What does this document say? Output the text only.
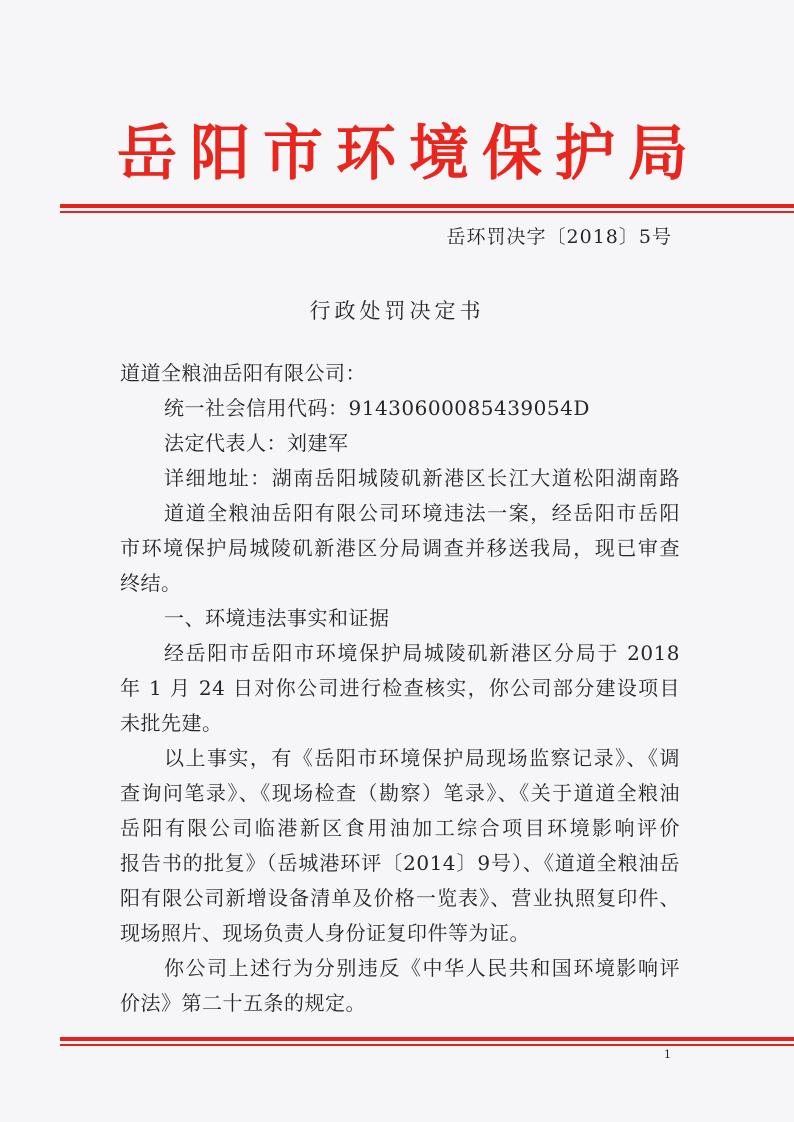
岳阳市环境保护局
岳环罚决字〔2018〕5号
行政处罚决定书
道道全粮油岳阳有限公司：
统一社会信用代码：91430600085439054D
法定代表人：刘建军
详细地址：湖南岳阳城陵矶新港区长江大道松阳湖南路
道道全粮油岳阳有限公司环境违法一案，经岳阳市岳阳
市环境保护局城陵矶新港区分局调查并移送我局，现已审查
终结。
一、环境违法事实和证据
经岳阳市岳阳市环境保护局城陵矶新港区分局于 2018
年 1 月 24 日对你公司进行检查核实，你公司部分建设项目
未批先建。
以上事实，有《岳阳市环境保护局现场监察记录》、《调
查询问笔录》、《现场检查（勘察）笔录》、《关于道道全粮油
岳阳有限公司临港新区食用油加工综合项目环境影响评价
报告书的批复》（岳城港环评〔2014〕9号）、《道道全粮油岳
阳有限公司新增设备清单及价格一览表》、营业执照复印件、
现场照片、现场负责人身份证复印件等为证。
你公司上述行为分别违反《中华人民共和国环境影响评
价法》第二十五条的规定。
1
